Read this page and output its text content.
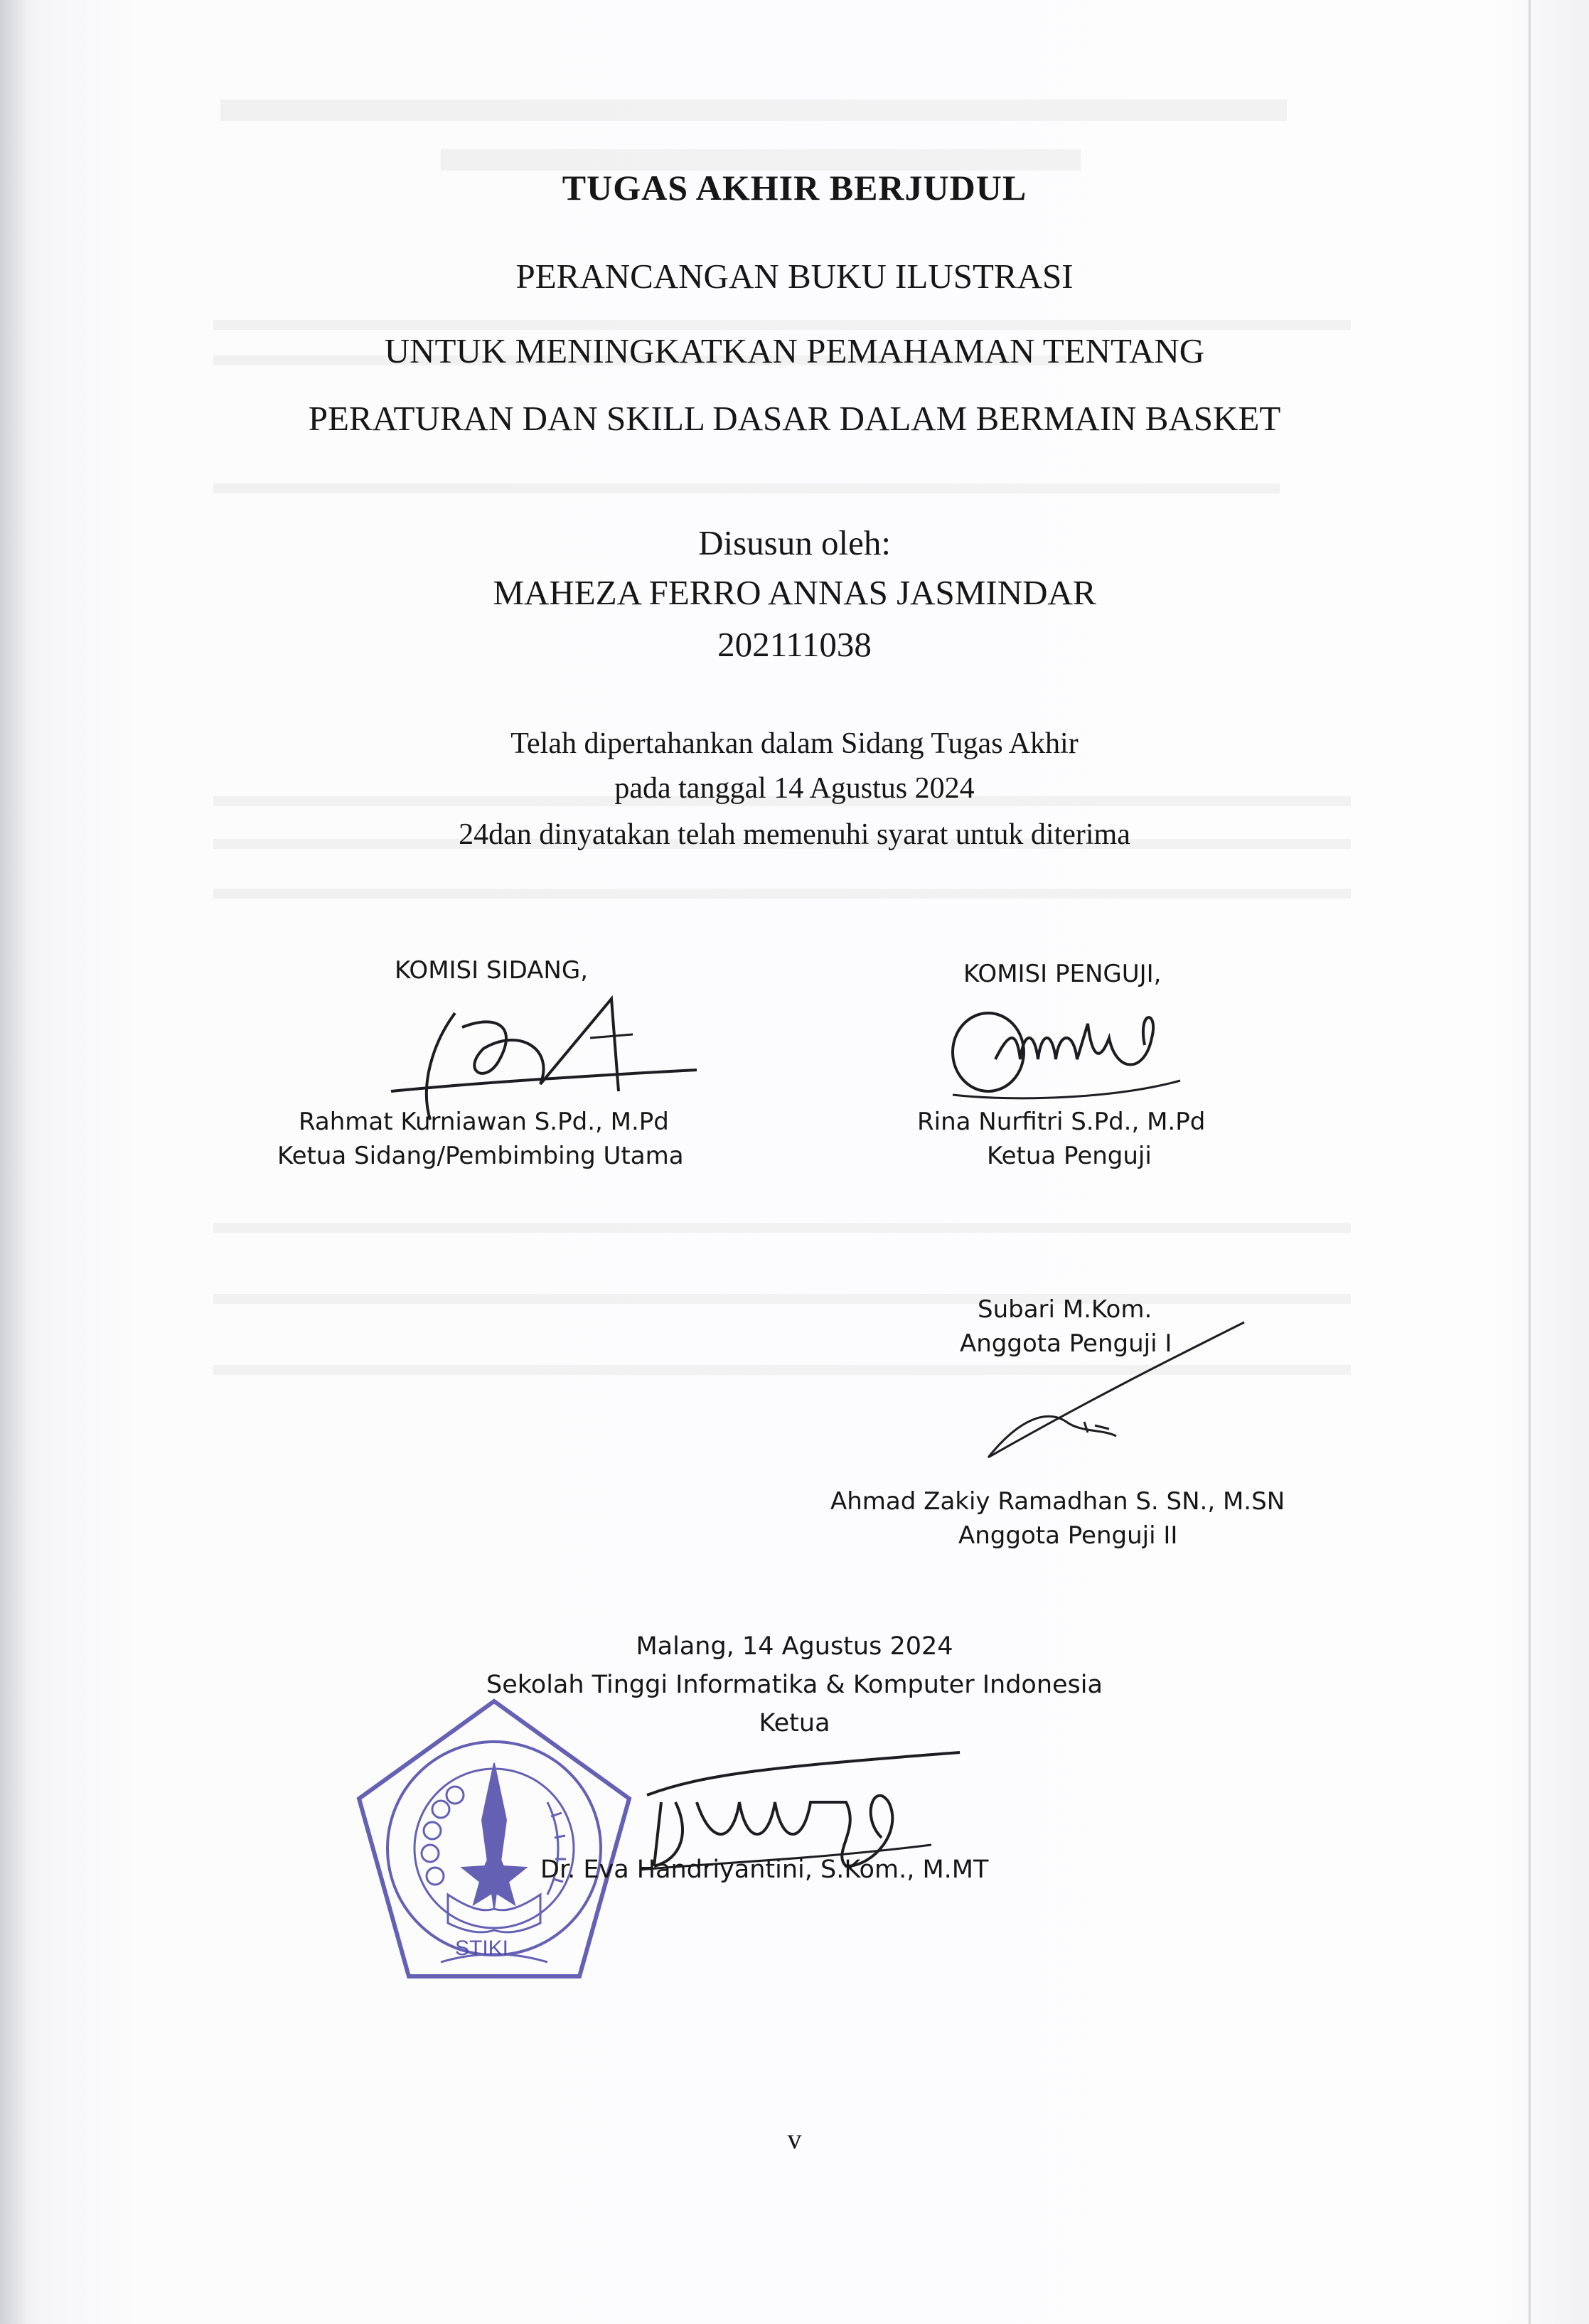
TUGAS AKHIR BERJUDUL
PERANCANGAN BUKU ILUSTRASI
UNTUK MENINGKATKAN PEMAHAMAN TENTANG
PERATURAN DAN SKILL DASAR DALAM BERMAIN BASKET
Disusun oleh:
MAHEZA FERRO ANNAS JASMINDAR
202111038
Telah dipertahankan dalam Sidang Tugas Akhir
pada tanggal 14 Agustus 2024
24dan dinyatakan telah memenuhi syarat untuk diterima
KOMISI SIDANG,
Rahmat Kurniawan S.Pd., M.Pd
Ketua Sidang/Pembimbing Utama
KOMISI PENGUJI,
Rina Nurfitri S.Pd., M.Pd
Ketua Penguji
Subari M.Kom.
Anggota Penguji I
Ahmad Zakiy Ramadhan S. SN., M.SN
Anggota Penguji II
Malang, 14 Agustus 2024
Sekolah Tinggi Informatika & Komputer Indonesia
Ketua
STIKI
Dr. Eva Handriyantini, S.Kom., M.MT
v
